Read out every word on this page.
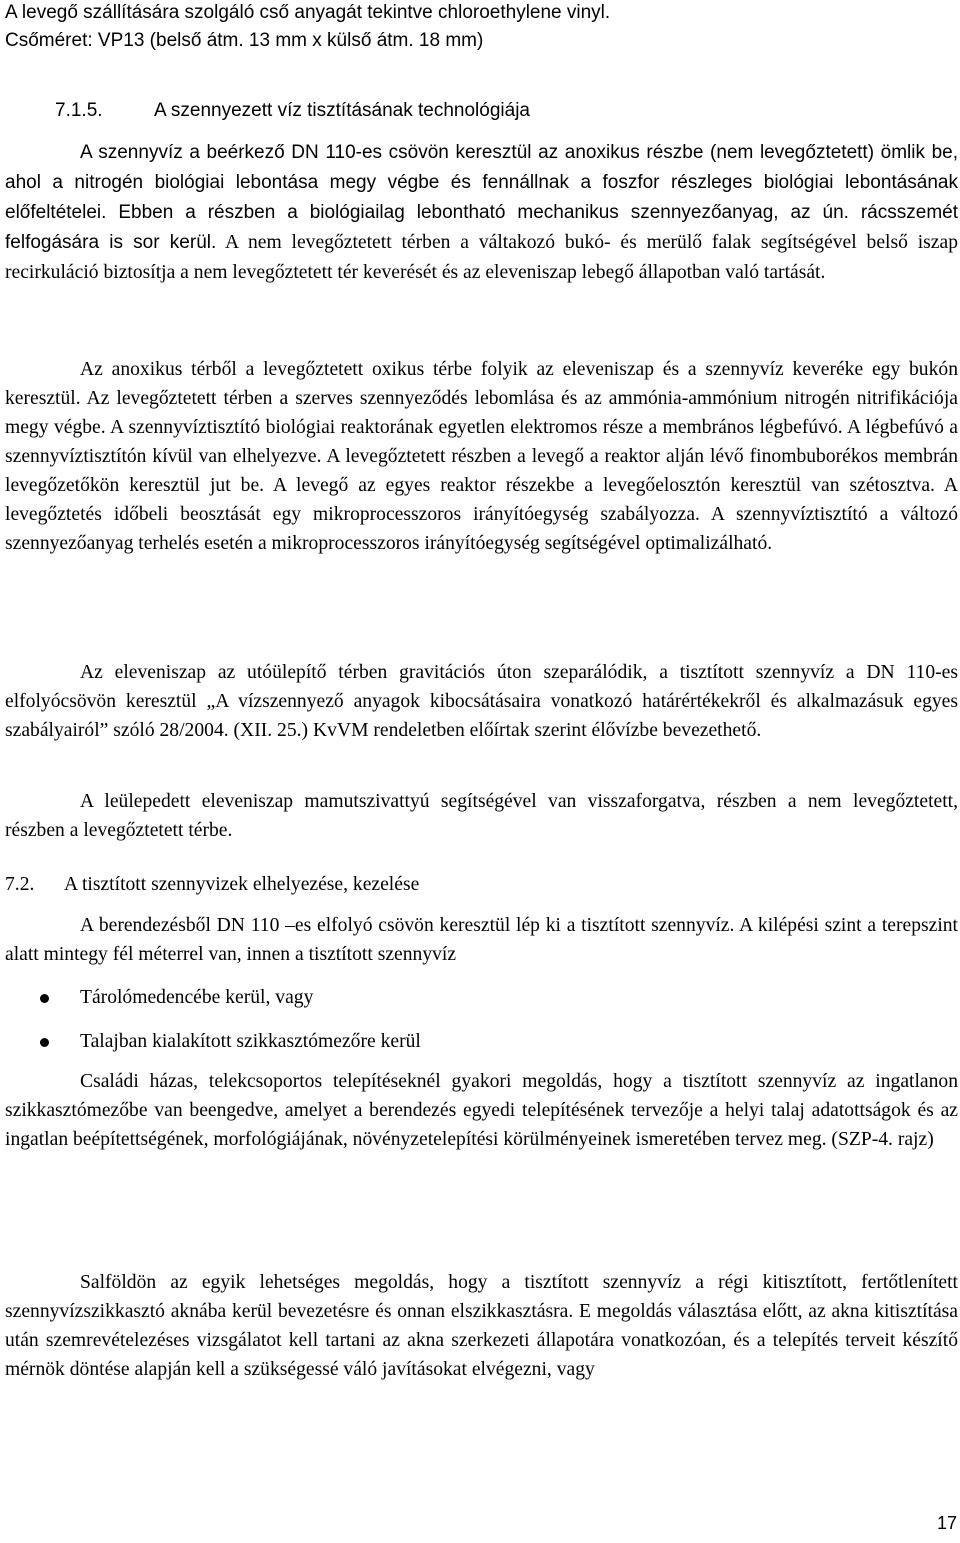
A levegő szállítására szolgáló cső anyagát tekintve chloroethylene vinyl.

Csőméret: VP13 (belső átm. 13 mm x külső átm. 18 mm)

7.1.5.	A szennyezett víz tisztításának technológiája

A szennyvíz a beérkező DN 110-es csövön keresztül az anoxikus részbe (nem levegőztetett) ömlik be, ahol a nitrogén biológiai lebontása megy végbe és fennállnak a foszfor részleges biológiai lebontásának előfeltételei. Ebben a részben a biológiailag lebontható mechanikus szennyezőanyag, az ún. rácsszemét felfogására is sor kerül. A nem levegőztetett térben a váltakozó bukó- és merülő falak segítségével belső iszap recirkuláció biztosítja a nem levegőztetett tér keverését és az eleveniszap lebegő állapotban való tartását.

Az anoxikus térből a levegőztetett oxikus térbe folyik az eleveniszap és a szennyvíz keveréke egy bukón keresztül. Az levegőztetett térben a szerves szennyeződés lebomlása és az ammónia-ammónium nitrogén nitrifikációja megy végbe. A szennyvíztisztító biológiai reaktorának egyetlen elektromos része a membrános légbefúvó. A légbefúvó a szennyvíztisztítón kívül van elhelyezve. A levegőztetett részben a levegő a reaktor alján lévő finombuborékos membrán levegőzetőkön keresztül jut be. A levegő az egyes reaktor részekbe a levegőelosztón keresztül van szétosztva. A levegőztetés időbeli beosztását egy mikroprocesszoros irányítóegység szabályozza. A szennyvíztisztító a változó szennyezőanyag terhelés esetén a mikroprocesszoros irányítóegység segítségével optimalizálható.

Az eleveniszap az utóülepítő térben gravitációs úton szeparálódik, a tisztított szennyvíz a DN 110-es elfolyócsövön keresztül „A vízszennyező anyagok kibocsátásaira vonatkozó határértékekről és alkalmazásuk egyes szabályairól” szóló 28/2004. (XII. 25.) KvVM rendeletben előírtak szerint élővízbe bevezethető.

A leülepedett eleveniszap mamutszivattyú segítségével van visszaforgatva, részben a nem levegőztetett, részben a levegőztetett térbe.

7.2. A tisztított szennyvizek elhelyezése, kezelése

A berendezésből DN 110 –es elfolyó csövön keresztül lép ki a tisztított szennyvíz. A kilépési szint a terepszint alatt mintegy fél méterrel van, innen a tisztított szennyvíz

Tárolómedencébe kerül, vagy
Talajban kialakított szikkasztómezőre kerül

Családi házas, telekcsoportos telepítéseknél gyakori megoldás, hogy a tisztított szennyvíz az ingatlanon szikkasztómezőbe van beengedve, amelyet a berendezés egyedi telepítésének tervezője a helyi talaj adatottságok és az ingatlan beépítettségének, morfológiájának, növényzetelepítési körülményeinek ismeretében tervez meg. (SZP-4. rajz)

Salföldön az egyik lehetséges megoldás, hogy a tisztított szennyvíz a régi kitisztított, fertőtlenített szennyvízszikkasztó aknába kerül bevezetésre és onnan elszikkasztásra. E megoldás választása előtt, az akna kitisztítása után szemrevételezéses vizsgálatot kell tartani az akna szerkezeti állapotára vonatkozóan, és a telepítés terveit készítő mérnök döntése alapján kell a szükségessé váló javításokat elvégezni, vagy

17
